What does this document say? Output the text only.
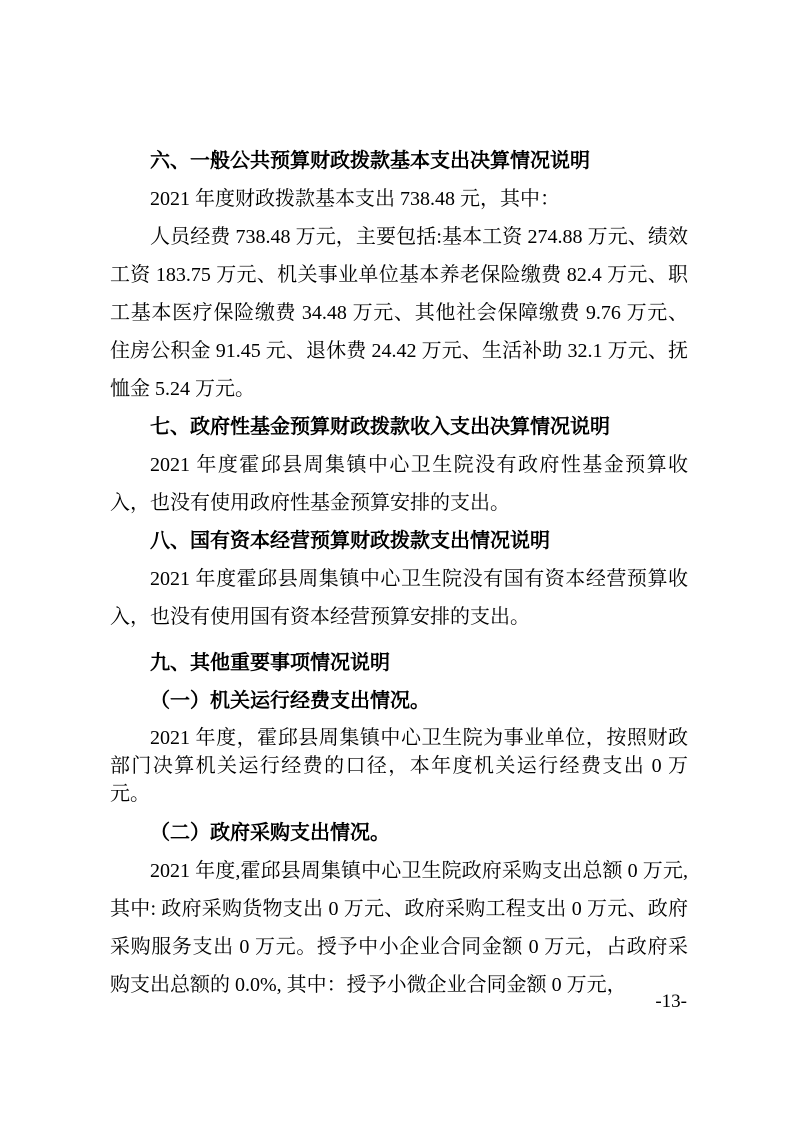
六、一般公共预算财政拨款基本支出决算情况说明
2021 年度财政拨款基本支出 738.48 元，其中：
人员经费 738.48 万元，主要包括:基本工资 274.88 万元、绩效工资 183.75 万元、机关事业单位基本养老保险缴费 82.4 万元、职工基本医疗保险缴费 34.48 万元、其他社会保障缴费 9.76 万元、住房公积金 91.45 元、退休费 24.42 万元、生活补助 32.1 万元、抚恤金 5.24 万元。
七、政府性基金预算财政拨款收入支出决算情况说明
2021 年度霍邱县周集镇中心卫生院没有政府性基金预算收入，也没有使用政府性基金预算安排的支出。
八、国有资本经营预算财政拨款支出情况说明
2021 年度霍邱县周集镇中心卫生院没有国有资本经营预算收入，也没有使用国有资本经营预算安排的支出。
九、其他重要事项情况说明
（一）机关运行经费支出情况。
2021 年度，霍邱县周集镇中心卫生院为事业单位，按照财政部门决算机关运行经费的口径，本年度机关运行经费支出 0 万元。
（二）政府采购支出情况。
2021 年度,霍邱县周集镇中心卫生院政府采购支出总额 0 万元, 其中: 政府采购货物支出 0 万元、政府采购工程支出 0 万元、政府采购服务支出 0 万元。授予中小企业合同金额 0 万元，占政府采购支出总额的 0.0%, 其中：授予小微企业合同金额 0 万元，
-13-
